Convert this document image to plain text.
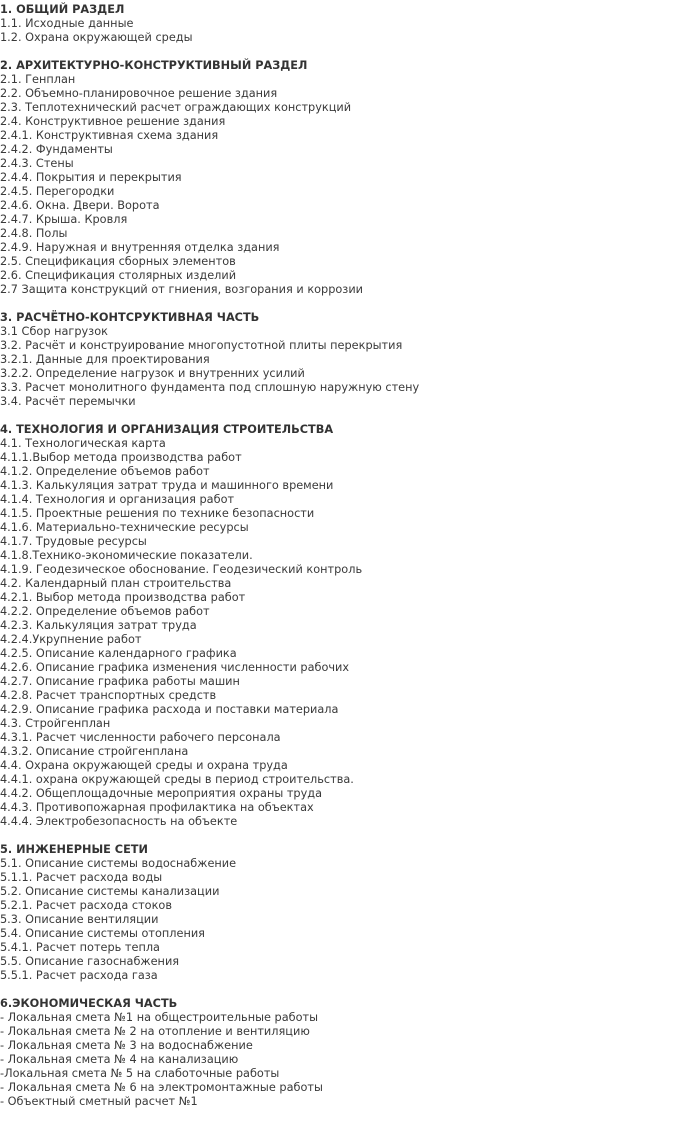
1. ОБЩИЙ РАЗДЕЛ
1.1. Исходные данные
1.2. Охрана окружающей среды
2. АРХИТЕКТУРНО-КОНСТРУКТИВНЫЙ РАЗДЕЛ
2.1. Генплан
2.2. Объемно-планировочное решение здания
2.3. Теплотехнический расчет ограждающих конструкций
2.4. Конструктивное решение здания
2.4.1. Конструктивная схема здания
2.4.2. Фундаменты
2.4.3. Стены
2.4.4. Покрытия и перекрытия
2.4.5. Перегородки
2.4.6. Окна. Двери. Ворота
2.4.7. Крыша. Кровля
2.4.8. Полы
2.4.9. Наружная и внутренняя отделка здания
2.5. Спецификация сборных элементов
2.6. Спецификация столярных изделий
2.7 Защита конструкций от гниения, возгорания и коррозии
3. РАСЧЁТНО-КОНТСРУКТИВНАЯ ЧАСТЬ
3.1 Сбор нагрузок
3.2. Расчёт и конструирование многопустотной плиты перекрытия
3.2.1. Данные для проектирования
3.2.2. Определение нагрузок и внутренних усилий
3.3. Расчет монолитного фундамента под сплошную наружную стену
3.4. Расчёт перемычки
4. ТЕХНОЛОГИЯ И ОРГАНИЗАЦИЯ СТРОИТЕЛЬСТВА
4.1. Технологическая карта
4.1.1.Выбор метода производства работ
4.1.2. Определение объемов работ
4.1.3. Калькуляция затрат труда и машинного времени
4.1.4. Технология и организация работ
4.1.5. Проектные решения по технике безопасности
4.1.6. Материально-технические ресурсы
4.1.7. Трудовые ресурсы
4.1.8.Технико-экономические показатели.
4.1.9. Геодезическое обоснование. Геодезический контроль
4.2. Календарный план строительства
4.2.1. Выбор метода производства работ
4.2.2. Определение объемов работ
4.2.3. Калькуляция затрат труда
4.2.4.Укрупнение работ
4.2.5. Описание календарного графика
4.2.6. Описание графика изменения численности рабочих
4.2.7. Описание графика работы машин
4.2.8. Расчет транспортных средств
4.2.9. Описание графика расхода и поставки материала
4.3. Стройгенплан
4.3.1. Расчет численности рабочего персонала
4.3.2. Описание стройгенплана
4.4. Охрана окружающей среды и охрана труда
4.4.1. охрана окружающей среды в период строительства.
4.4.2. Общеплощадочные мероприятия охраны труда
4.4.3. Противопожарная профилактика на объектах
4.4.4. Электробезопасность на объекте
5. ИНЖЕНЕРНЫЕ СЕТИ
5.1. Описание системы водоснабжение
5.1.1. Расчет расхода воды
5.2. Описание системы канализации
5.2.1. Расчет расхода стоков
5.3. Описание вентиляции
5.4. Описание системы отопления
5.4.1. Расчет потерь тепла
5.5. Описание газоснабжения
5.5.1. Расчет расхода газа
6.ЭКОНОМИЧЕСКАЯ ЧАСТЬ
- Локальная смета №1 на общестроительные работы
- Локальная смета № 2 на отопление и вентиляцию
- Локальная смета № 3 на водоснабжение
- Локальная смета № 4 на канализацию
-Локальная смета № 5 на слаботочные работы
- Локальная смета № 6 на электромонтажные работы
- Объектный сметный расчет №1
